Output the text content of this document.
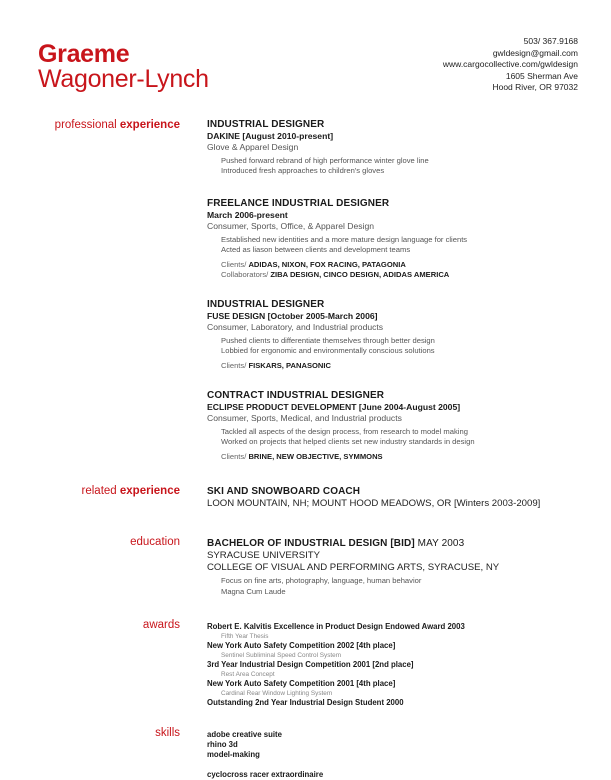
Graeme
Wagoner-Lynch
503/ 367.9168
gwldesign@gmail.com
www.cargocollective.com/gwldesign
1605 Sherman Ave
Hood River, OR 97032
professional experience
related experience
education
awards
skills
INDUSTRIAL DESIGNER
DAKINE [August 2010-present]
Glove & Apparel Design
Pushed forward rebrand of high performance winter glove line
Introduced fresh approaches to children's gloves
FREELANCE INDUSTRIAL DESIGNER
March 2006-present
Consumer, Sports, Office, & Apparel Design
Established new identities and a more mature design language for clients
Acted as liason between clients and development teams
Clients/ ADIDAS, NIXON, FOX RACING, PATAGONIA
Collaborators/ ZIBA DESIGN, CINCO DESIGN, ADIDAS AMERICA
INDUSTRIAL DESIGNER
FUSE DESIGN [October 2005-March 2006]
Consumer, Laboratory, and Industrial products
Pushed clients to differentiate themselves through better design
Lobbied for ergonomic and environmentally conscious solutions
Clients/ FISKARS, PANASONIC
CONTRACT INDUSTRIAL DESIGNER
ECLIPSE PRODUCT DEVELOPMENT [June 2004-August 2005]
Consumer, Sports, Medical, and Industrial products
Tackled all aspects of the design process, from research to model making
Worked on projects that helped clients set new industry standards in design
Clients/ BRINE, NEW OBJECTIVE, SYMMONS
SKI AND SNOWBOARD COACH
LOON MOUNTAIN, NH; MOUNT HOOD MEADOWS, OR [Winters 2003-2009]
BACHELOR OF INDUSTRIAL DESIGN [BID] MAY 2003
SYRACUSE UNIVERSITY
COLLEGE OF VISUAL AND PERFORMING ARTS, SYRACUSE, NY
Focus on fine arts, photography, language, human behavior
Magna Cum Laude
Robert E. Kalvitis Excellence in Product Design Endowed Award 2003
Fifth Year Thesis
New York Auto Safety Competition 2002 [4th place]
Sentinel Subliminal Speed Control System
3rd Year Industrial Design Competition 2001 [2nd place]
Rest Area Concept
New York Auto Safety Competition 2001 [4th place]
Cardinal Rear Window Lighting System
Outstanding 2nd Year Industrial Design Student 2000
adobe creative suite
rhino 3d
model-making
cyclocross racer extraordinaire
